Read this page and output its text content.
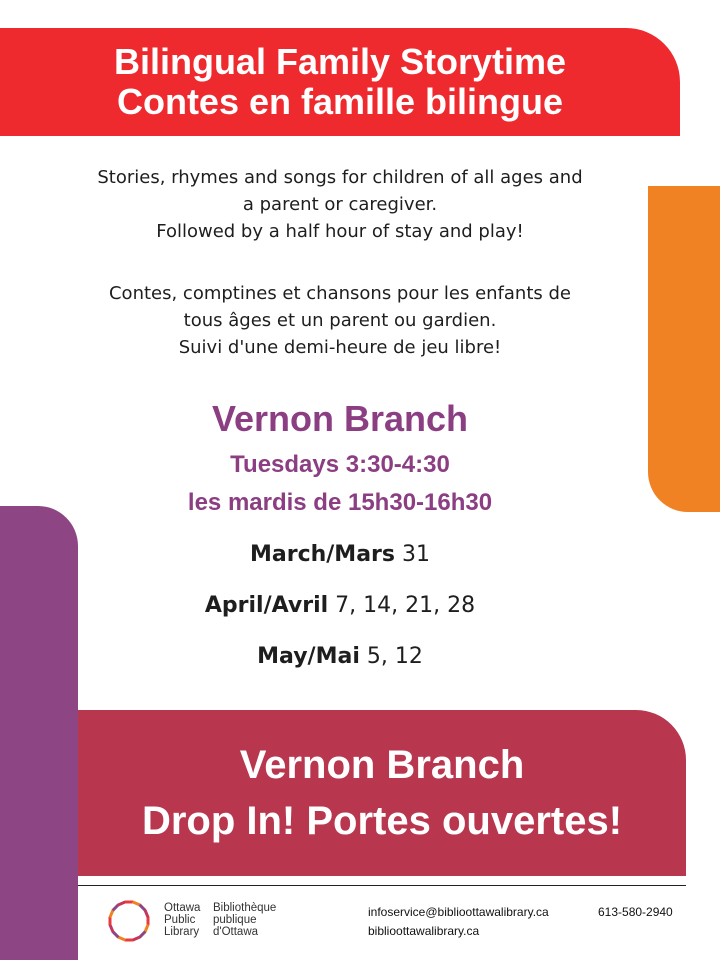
Bilingual Family Storytime
Contes en famille bilingue

Stories, rhymes and songs for children of all ages and

a parent or caregiver.

Followed by a half hour of stay and play!

Contes, comptines et chansons pour les enfants de

tous âges et un parent ou gardien.

Suivi d'une demi-heure de jeu libre!

Vernon Branch
Tuesdays 3:30-4:30
les mardis de 15h30-16h30
March/Mars 31
April/Avril 7, 14, 21, 28
May/Mai 5, 12
Vernon Branch
Drop In! Portes ouvertes!
Ottawa
Public
Library
Bibliothèque
publique
d'Ottawa
infoservice@biblioottawalibrary.ca	613-580-2940
biblioottawalibrary.ca
